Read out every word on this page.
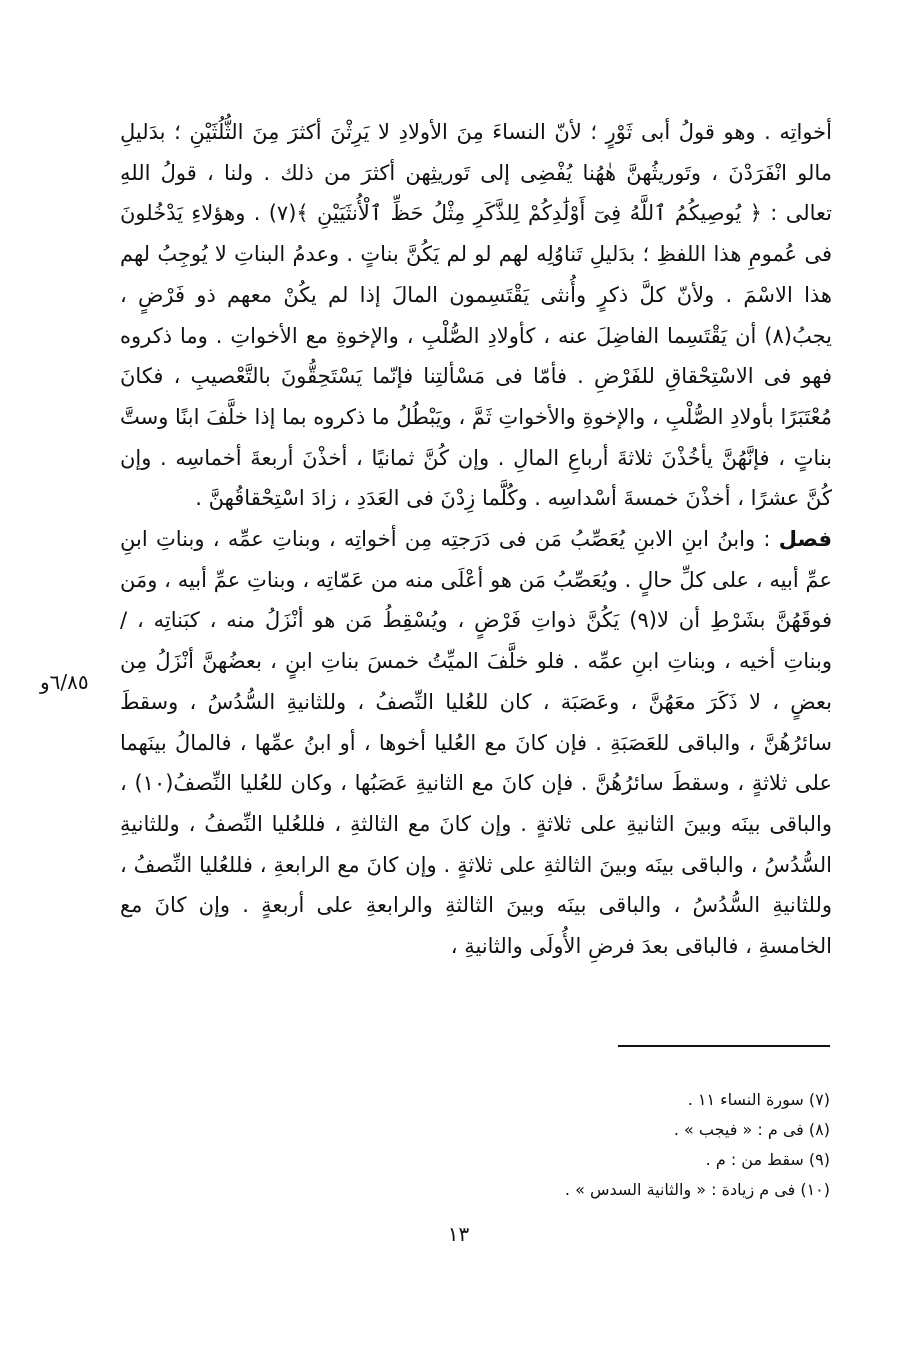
أخواتِه . وهو قولُ أبى ثَوْرٍ ؛ لأنّ النساءَ مِنَ الأولادِ لا يَرِثْنَ أكثرَ مِنَ الثُّلُثَيْنِ ؛ بدَليلِ مالو انْفَرَدْنَ ، وتَوريثُهنَّ هٰهُنا يُفْضِى إلى تَوريثِهن أكثرَ من ذلك . ولنا ، قولُ اللهِ تعالى : ﴿ يُوصِيكُمُ ٱللَّهُ فِىٓ أَوْلَٰدِكُمْ لِلذَّكَرِ مِثْلُ حَظِّ ٱلْأُنثَيَيْنِ ﴾(٧) . وهؤلاءِ يَدْخُلونَ فى عُمومِ هذا اللفظِ ؛ بدَليلِ تَناوُلِه لهم لو لم يَكُنَّ بناتٍ . وعدمُ البناتِ لا يُوجِبُ لهم هذا الاسْمَ . ولأنّ كلَّ ذكرٍ وأُنثى يَقْتَسِمون المالَ إذا لم يكُنْ معهم ذو فَرْضٍ ، يجبُ(٨) أن يَقْتَسِما الفاضِلَ عنه ، كأولادِ الصُّلْبِ ، والإخوةِ مع الأخواتِ . وما ذكروه فهو فى الاسْتِحْقاقِ للفَرْضِ . فأمّا فى مَسْألتِنا فإنّما يَسْتَحِقُّونَ بالتَّعْصيبِ ، فكانَ مُعْتَبَرًا بأولادِ الصُّلْبِ ، والإخوةِ والأخواتِ ثَمَّ ، ويَبْطُلُ ما ذكروه بما إذا خلَّفَ ابنًا وستَّ بناتٍ ، فإنَّهُنَّ يأخُذْنَ ثلاثةَ أرباعِ المالِ . وإن كُنَّ ثمانيًا ، أخذْنَ أربعةَ أخماسِه . وإن كُنَّ عشرًا ، أخذْنَ خمسةَ أسْداسِه . وكُلَّما زِدْنَ فى العَدَدِ ، زادَ اسْتِحْقاقُهنَّ .

فصل : وابنُ ابنِ الابنِ يُعَصِّبُ مَن فى دَرَجتِه مِن أخواتِه ، وبناتِ عمِّه ، وبناتِ ابنِ عمِّ أبيه ، على كلِّ حالٍ . ويُعَصِّبُ مَن هو أعْلَى منه من عَمّاتِه ، وبناتِ عمِّ أبيه ، ومَن فوقَهُنَّ بشَرْطِ أن لا(٩) يَكُنَّ ذواتِ فَرْضٍ ، ويُسْقِطُ مَن هو أنْزَلُ منه ، كبَناتِه ، / وبناتِ أخيه ، وبناتِ ابنِ عمِّه . فلو خلَّفَ الميِّتُ خمسَ بناتِ ابنٍ ، بعضُهنَّ أنْزَلُ مِن بعضٍ ، لا ذَكَرَ معَهُنَّ ، وعَصَبَة ، كان للعُليا النِّصفُ ، وللثانيةِ السُّدُسُ ، وسقطَ سائرُهُنَّ ، والباقى للعَصَبَةِ . فإن كانَ مع العُليا أخوها ، أو ابنُ عمِّها ، فالمالُ بينَهما على ثلاثةٍ ، وسقطَ سائرُهُنَّ . فإن كانَ مع الثانيةِ عَصَبُها ، وكان للعُليا النِّصفُ(١٠) ، والباقى بينَه وبينَ الثانيةِ على ثلاثةٍ . وإن كانَ مع الثالثةِ ، فللعُليا النِّصفُ ، وللثانيةِ السُّدُسُ ، والباقى بينَه وبينَ الثالثةِ على ثلاثةٍ . وإن كانَ مع الرابعةِ ، فللعُليا النِّصفُ ، وللثانيةِ السُّدُسُ ، والباقى بينَه وبينَ الثالثةِ والرابعةِ على أربعةٍ . وإن كانَ مع الخامسةِ ، فالباقى بعدَ فرضِ الأُولَى والثانيةِ ،

٦/٨٥و
(٧) سورة النساء ١١ .
(٨) فى م : « فيجب » .
(٩) سقط من : م .
(١٠) فى م زيادة : « والثانية السدس » .
١٣
